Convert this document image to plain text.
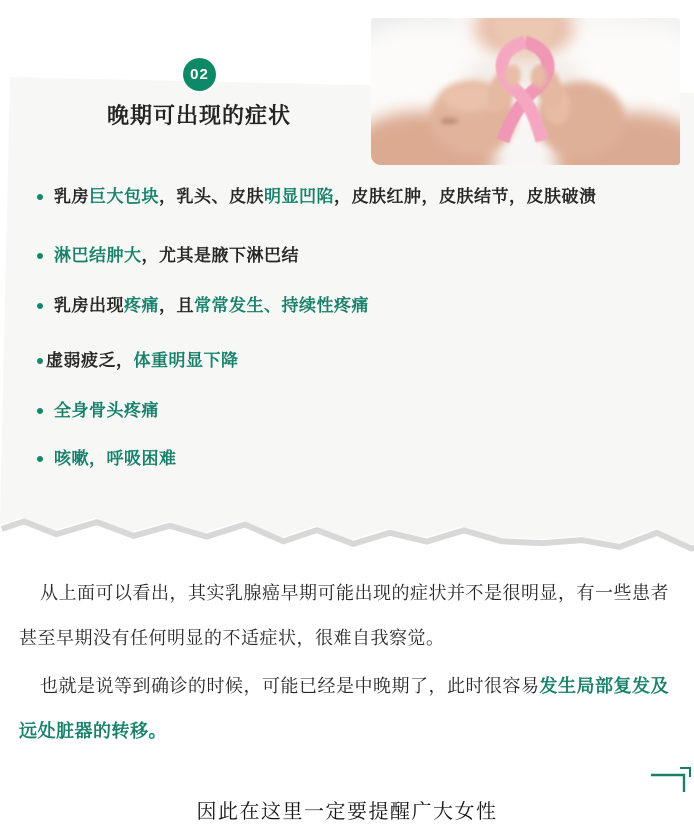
02
晚期可出现的症状
乳房巨大包块，乳头、皮肤明显凹陷，皮肤红肿，皮肤结节，皮肤破溃
淋巴结肿大，尤其是腋下淋巴结
乳房出现疼痛，且常常发生、持续性疼痛
虚弱疲乏，体重明显下降
全身骨头疼痛
咳嗽，呼吸困难

从上面可以看出，其实乳腺癌早期可能出现的症状并不是很明显，有一些患者甚至早期没有任何明显的不适症状，很难自我察觉。

也就是说等到确诊的时候，可能已经是中晚期了，此时很容易发生局部复发及远处脏器的转移。

因此在这里一定要提醒广大女性
